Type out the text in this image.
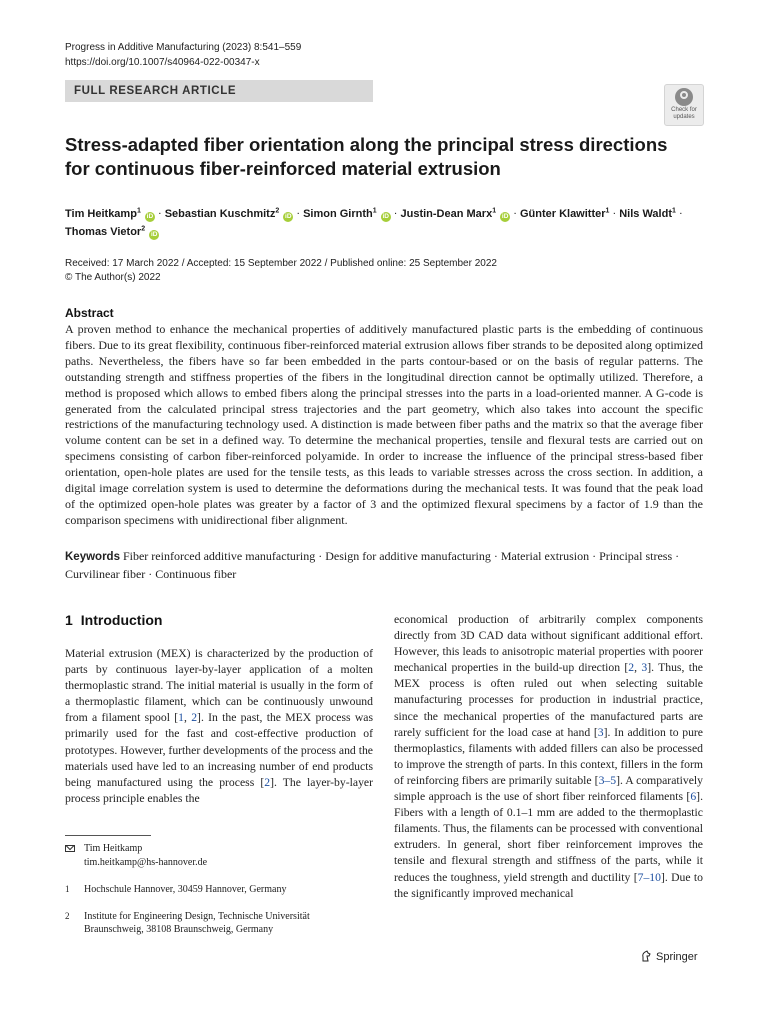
Progress in Additive Manufacturing (2023) 8:541–559
https://doi.org/10.1007/s40964-022-00347-x
FULL RESEARCH ARTICLE
Check for
updates
Stress-adapted fiber orientation along the principal stress directions
for continuous fiber-reinforced material extrusion
Tim Heitkamp$^1$ iD · Sebastian Kuschmitz$^2$ iD · Simon Girnth$^1$ iD · Justin-Dean Marx$^1$ iD · Günter Klawitter$^1$ · Nils Waldt$^1$ · Thomas Vietor$^2$ iD
Received: 17 March 2022 / Accepted: 15 September 2022 / Published online: 25 September 2022
© The Author(s) 2022
Abstract
A proven method to enhance the mechanical properties of additively manufactured plastic parts is the embedding of continuous fibers. Due to its great flexibility, continuous fiber-reinforced material extrusion allows fiber strands to be deposited along optimized paths. Nevertheless, the fibers have so far been embedded in the parts contour-based or on the basis of regular patterns. The outstanding strength and stiffness properties of the fibers in the longitudinal direction cannot be optimally utilized. Therefore, a method is proposed which allows to embed fibers along the principal stresses into the parts in a load-oriented manner. A G-code is generated from the calculated principal stress trajectories and the part geometry, which also takes into account the specific restrictions of the manufacturing technology used. A distinction is made between fiber paths and the matrix so that the average fiber volume content can be set in a defined way. To determine the mechanical properties, tensile and flexural tests are carried out on specimens consisting of carbon fiber-reinforced polyamide. In order to increase the influence of the principal stress-based fiber orientation, open-hole plates are used for the tensile tests, as this leads to variable stresses across the cross section. In addition, a digital image correlation system is used to determine the deformations during the mechanical tests. It was found that the peak load of the optimized open-hole plates was greater by a factor of 3 and the optimized flexural specimens by a factor of 1.9 than the comparison specimens with unidirectional fiber alignment.
Keywords Fiber reinforced additive manufacturing · Design for additive manufacturing · Material extrusion · Principal stress · Curvilinear fiber · Continuous fiber
1 Introduction
Material extrusion (MEX) is characterized by the production of parts by continuous layer-by-layer application of a molten thermoplastic strand. The initial material is usually in the form of a thermoplastic filament, which can be continuously unwound from a filament spool [1, 2]. In the past, the MEX process was primarily used for the fast and cost-effective production of prototypes. However, further developments of the process and the materials used have led to an increasing number of end products being manufactured using the process [2]. The layer-by-layer process principle enables the
economical production of arbitrarily complex components directly from 3D CAD data without significant additional effort. However, this leads to anisotropic material properties with poorer mechanical properties in the build-up direction [2, 3]. Thus, the MEX process is often ruled out when selecting suitable manufacturing processes for production in industrial practice, since the mechanical properties of the manufactured parts are rarely sufficient for the load case at hand [3]. In addition to pure thermoplastics, filaments with added fillers can also be processed to improve the strength of parts. In this context, fillers in the form of reinforcing fibers are primarily suitable [3–5]. A comparatively simple approach is the use of short fiber reinforced filaments [6]. Fibers with a length of 0.1–1 mm are added to the thermoplastic filaments. Thus, the filaments can be processed with conventional extruders. In general, short fiber reinforcement improves the tensile and flexural strength and stiffness of the parts, while it reduces the toughness, yield strength and ductility [7–10]. Due to the significantly improved mechanical
Tim Heitkamp
tim.heitkamp@hs-hannover.de
1 Hochschule Hannover, 30459 Hannover, Germany
2 Institute for Engineering Design, Technische Universität
Braunschweig, 38108 Braunschweig, Germany
Springer
